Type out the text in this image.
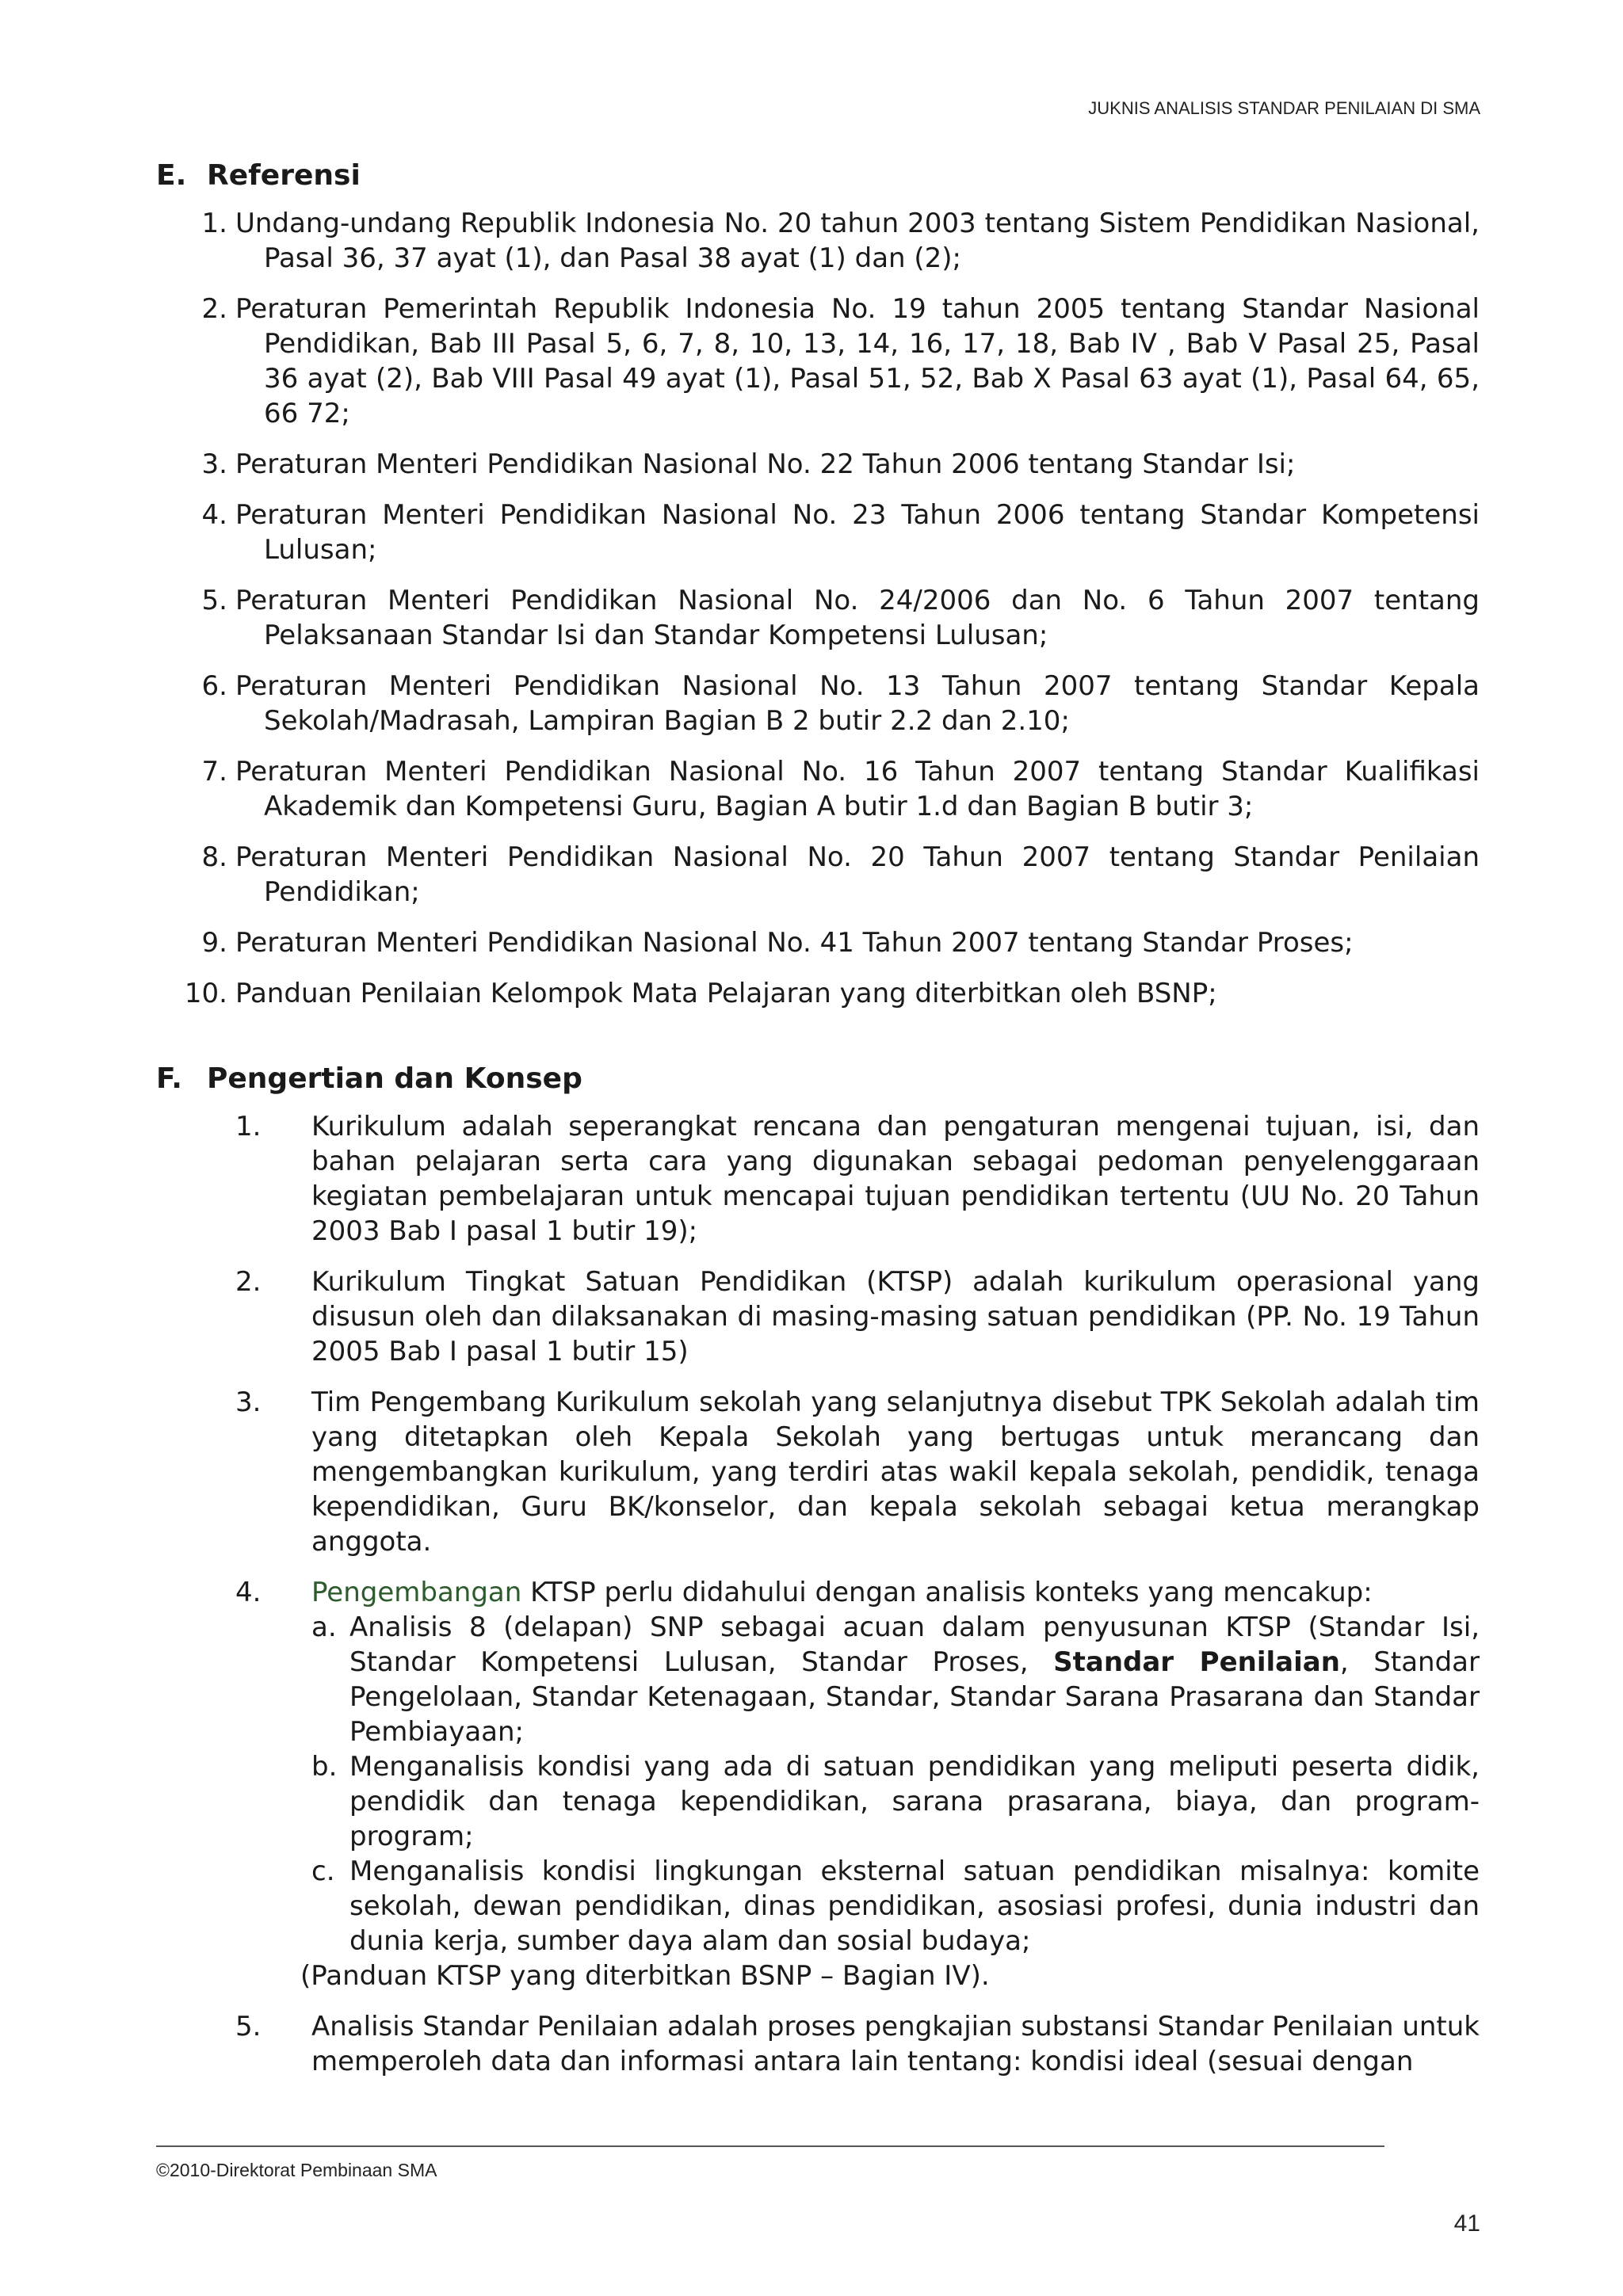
JUKNIS ANALISIS STANDAR PENILAIAN DI SMA
E. Referensi
1. Undang-undang Republik Indonesia No. 20 tahun 2003 tentang Sistem Pendidikan Nasional, Pasal 36, 37 ayat (1), dan Pasal 38 ayat (1) dan (2);
2. Peraturan Pemerintah Republik Indonesia No. 19 tahun 2005 tentang Standar Nasional Pendidikan, Bab III Pasal 5, 6, 7, 8, 10, 13, 14, 16, 17, 18, Bab IV , Bab V Pasal 25, Pasal 36 ayat (2), Bab VIII Pasal 49 ayat (1), Pasal 51, 52, Bab X Pasal 63 ayat (1), Pasal 64, 65, 66 72;
3. Peraturan Menteri Pendidikan Nasional No. 22 Tahun 2006 tentang Standar Isi;
4. Peraturan Menteri Pendidikan Nasional No. 23 Tahun 2006 tentang Standar Kompetensi Lulusan;
5. Peraturan Menteri Pendidikan Nasional No. 24/2006 dan No. 6 Tahun 2007 tentang Pelaksanaan Standar Isi dan Standar Kompetensi Lulusan;
6. Peraturan Menteri Pendidikan Nasional No. 13 Tahun 2007 tentang Standar Kepala Sekolah/Madrasah, Lampiran Bagian B 2 butir 2.2 dan 2.10;
7. Peraturan Menteri Pendidikan Nasional No. 16 Tahun 2007 tentang Standar Kualifikasi Akademik dan Kompetensi Guru, Bagian A butir 1.d dan Bagian B butir 3;
8. Peraturan Menteri Pendidikan Nasional No. 20 Tahun 2007 tentang Standar Penilaian Pendidikan;
9. Peraturan Menteri Pendidikan Nasional No. 41 Tahun 2007 tentang Standar Proses;
10. Panduan Penilaian Kelompok Mata Pelajaran yang diterbitkan oleh BSNP;
F. Pengertian dan Konsep
1.	Kurikulum adalah seperangkat rencana dan pengaturan mengenai tujuan, isi, dan bahan pelajaran serta cara yang digunakan sebagai pedoman penyelenggaraan kegiatan pembelajaran untuk mencapai tujuan pendidikan tertentu (UU No. 20 Tahun 2003 Bab I pasal 1 butir 19);
2.	Kurikulum Tingkat Satuan Pendidikan (KTSP) adalah kurikulum operasional yang disusun oleh dan dilaksanakan di masing-masing satuan pendidikan (PP. No. 19 Tahun 2005 Bab I pasal 1 butir 15)
3.	Tim Pengembang Kurikulum sekolah yang selanjutnya disebut TPK Sekolah adalah tim yang ditetapkan oleh Kepala Sekolah yang bertugas untuk merancang dan mengembangkan kurikulum, yang terdiri atas wakil kepala sekolah, pendidik, tenaga kependidikan, Guru BK/konselor, dan kepala sekolah sebagai ketua merangkap anggota.
4.	Pengembangan KTSP perlu didahului dengan analisis konteks yang mencakup:
a. Analisis 8 (delapan) SNP sebagai acuan dalam penyusunan KTSP (Standar Isi, Standar Kompetensi Lulusan, Standar Proses, Standar Penilaian, Standar Pengelolaan, Standar Ketenagaan, Standar, Standar Sarana Prasarana dan Standar Pembiayaan;
b. Menganalisis kondisi yang ada di satuan pendidikan yang meliputi peserta didik, pendidik dan tenaga kependidikan, sarana prasarana, biaya, dan program-program;
c. Menganalisis kondisi lingkungan eksternal satuan pendidikan misalnya: komite sekolah, dewan pendidikan, dinas pendidikan, asosiasi profesi, dunia industri dan dunia kerja, sumber daya alam dan sosial budaya;
(Panduan KTSP yang diterbitkan BSNP – Bagian IV).
5.	Analisis Standar Penilaian adalah proses pengkajian substansi Standar Penilaian untuk memperoleh data dan informasi antara lain tentang: kondisi ideal (sesuai dengan
©2010-Direktorat Pembinaan SMA
41
